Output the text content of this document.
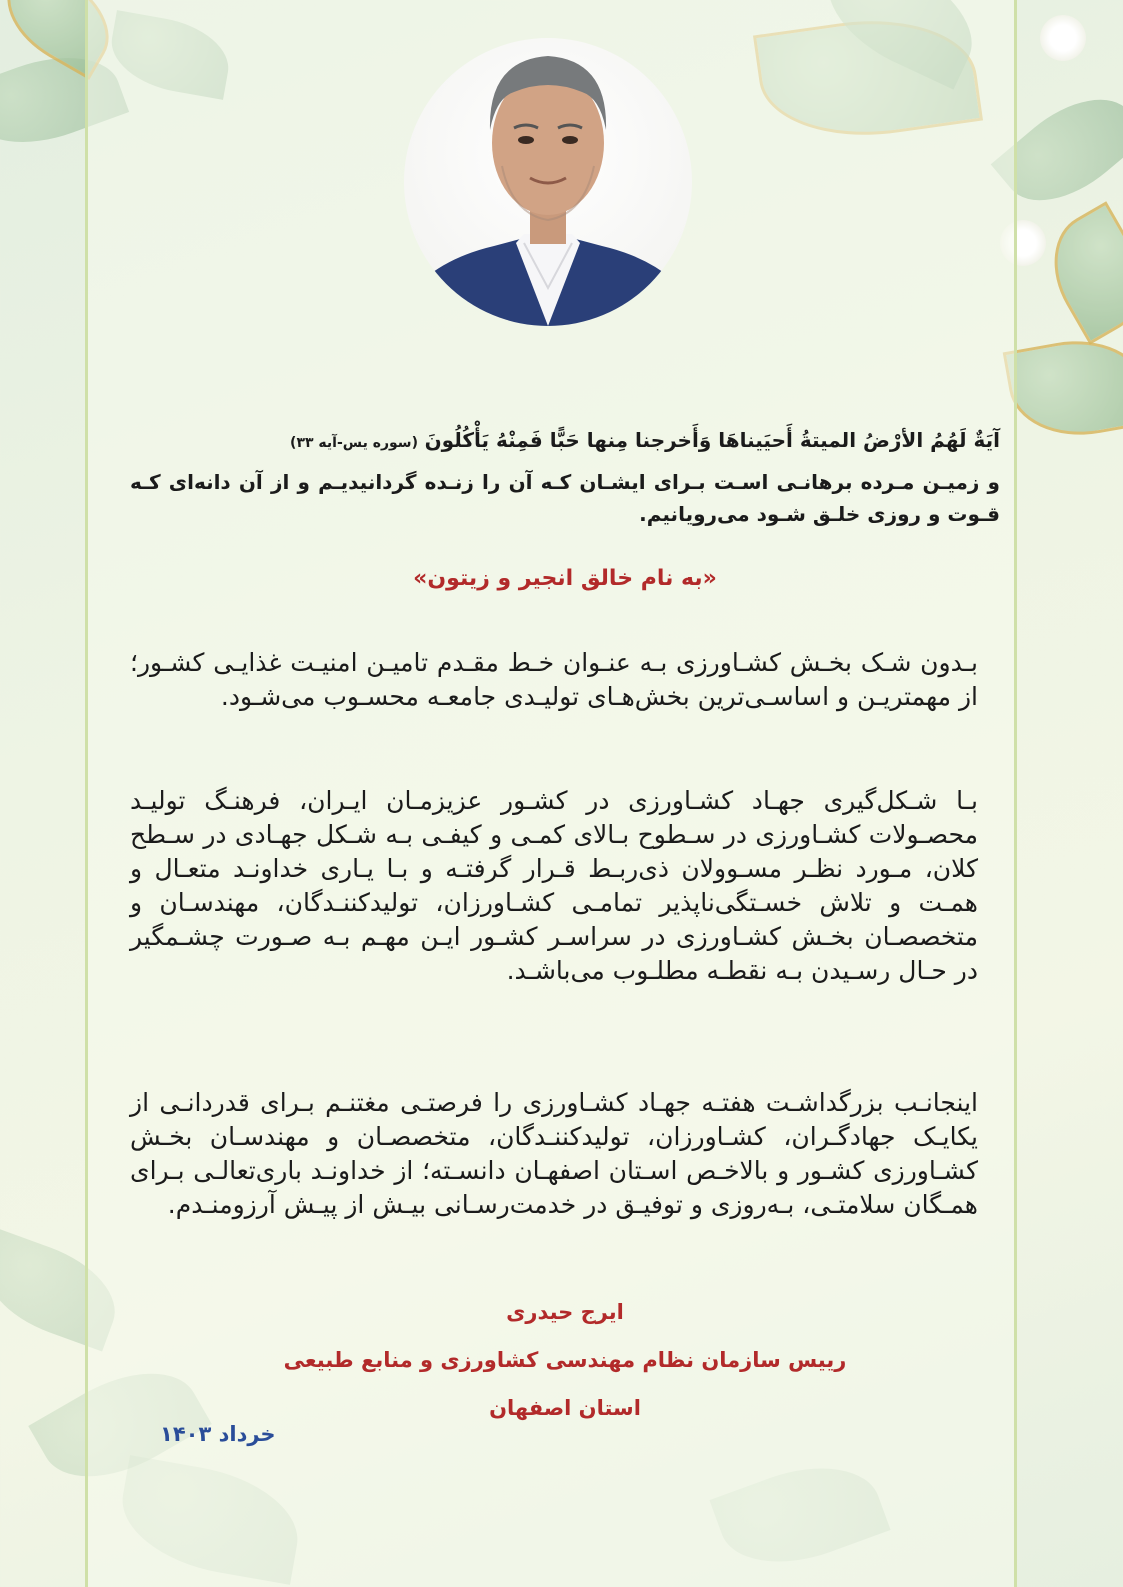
آیَةٌ لَهُمُ الأرْضُ المیتةُ أَحیَیناهَا وَأَخرجنا مِنها حَبًّا فَمِنْهُ يَأْكُلُونَ (سوره یس-آیه ۳۳)
و زمیـن مـرده برهانـی اسـت بـرای ایشـان کـه آن را زنـده گردانیدیـم و از آن دانه‌ای کـه قـوت و روزی خلـق شـود می‌رویانیم.
«به نام خالق انجیر و زیتون»
بـدون شـک بخـش کشـاورزی بـه عنـوان خـط مقـدم تامیـن امنیـت غذایـی کشـور؛ از مهمتریـن و اساسـی‌ترین بخش‌هـای تولیـدی جامعـه محسـوب می‌شـود.
بـا شـکل‌گیری جهـاد کشـاورزی در کشـور عزیزمـان ایـران، فرهنـگ تولیـد محصـولات کشـاورزی در سـطوح بـالای کمـی و کیفـی بـه شـکل جهـادی در سـطح کلان، مـورد نظـر مسـوولان ذی‌ربـط قـرار گرفتـه و بـا یـاری خداونـد متعـال و همـت و تلاش خسـتگی‌ناپذیر تمامـی کشـاورزان، تولیدکننـدگان، مهندسـان و متخصصـان بخـش کشـاورزی در سراسـر کشـور ایـن مهـم بـه صـورت چشـمگیر در حـال رسـیدن بـه نقطـه مطلـوب می‌باشـد.
اینجانـب بزرگداشـت هفتـه جهـاد کشـاورزی را فرصتـی مغتنـم بـرای قدردانـی از یکایـک جهادگـران، کشـاورزان، تولیدکننـدگان، متخصصـان و مهندسـان بخـش کشـاورزی کشـور و بالاخـص اسـتان اصفهـان دانسـته؛ از خداونـد باری‌تعالـی بـرای همـگان سلامتـی، بـه‌روزی و توفیـق در خدمت‌رسـانی بیـش از پیـش آرزومنـدم.
ایرج حیدری
رییس سازمان نظام مهندسی کشاورزی و منابع طبیعی
استان اصفهان
خرداد ۱۴۰۳
